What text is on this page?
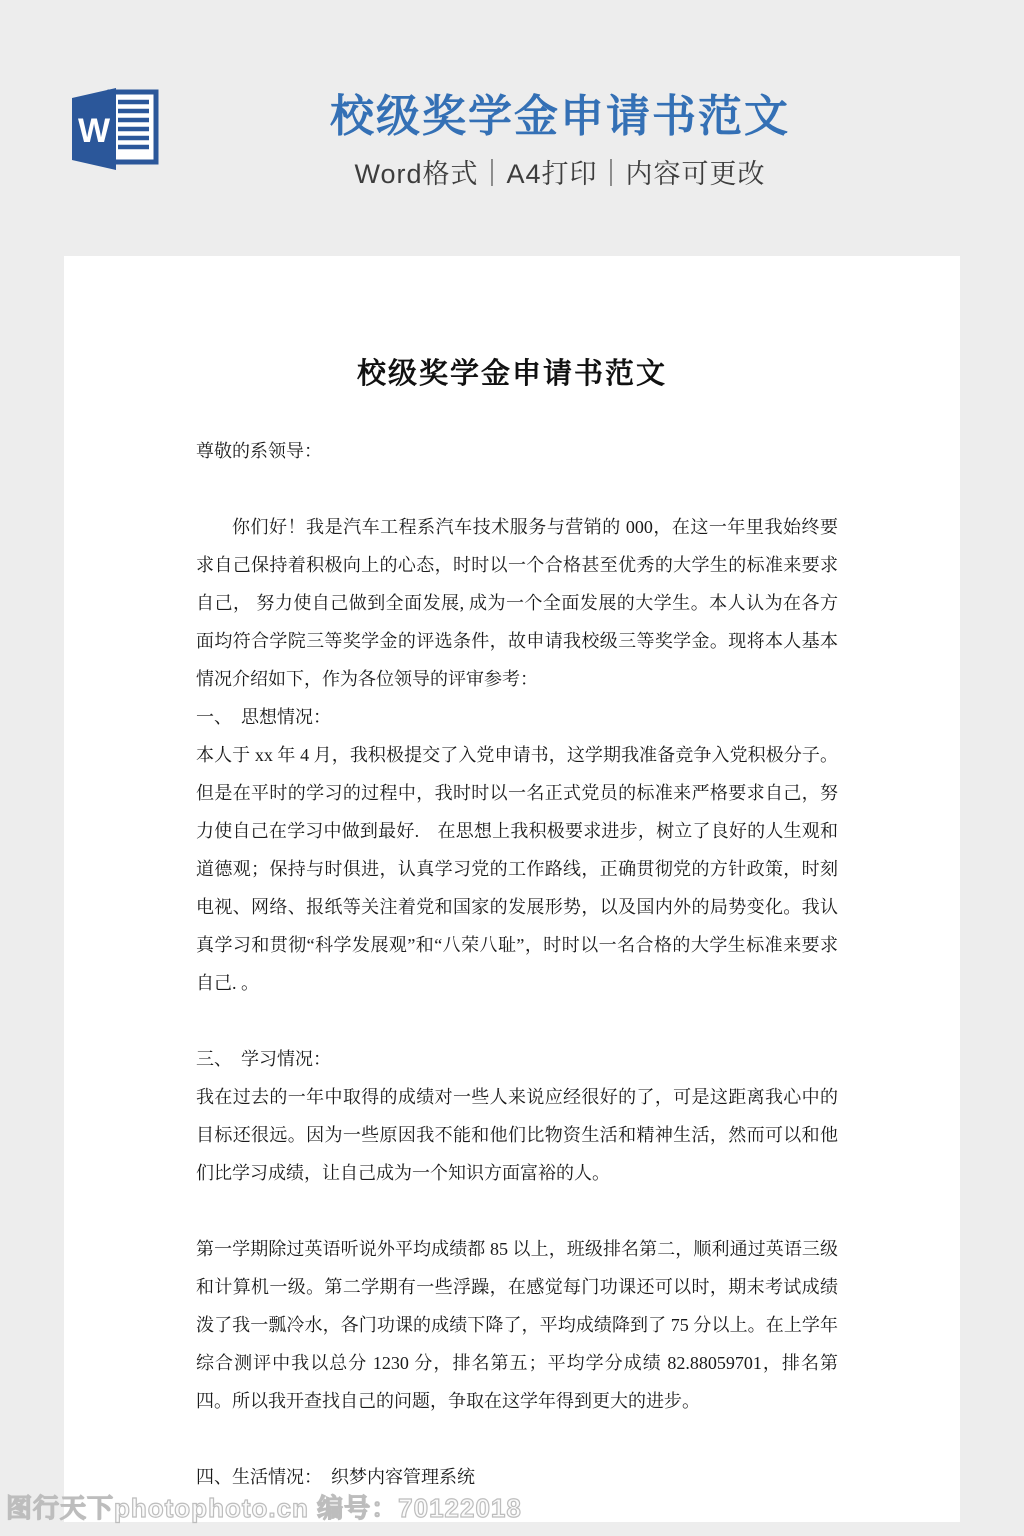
W	校级奖学金申请书范文
Word格式｜A4打印｜内容可更改
校级奖学金申请书范文

尊敬的系领导：

你们好！我是汽车工程系汽车技术服务与营销的 000，在这一年里我始终要求自己保持着积极向上的心态，时时以一个合格甚至优秀的大学生的标准来要求自己， 努力使自己做到全面发展, 成为一个全面发展的大学生。本人认为在各方面均符合学院三等奖学金的评选条件，故申请我校级三等奖学金。现将本人基本情况介绍如下，作为各位领导的评审参考：

一、　思想情况：

本人于 xx 年 4 月，我积极提交了入党申请书，这学期我准备竞争入党积极分子。但是在平时的学习的过程中，我时时以一名正式党员的标准来严格要求自己，努力使自己在学习中做到最好.　在思想上我积极要求进步，树立了良好的人生观和道德观；保持与时俱进，认真学习党的工作路线，正确贯彻党的方针政策，时刻电视、网络、报纸等关注着党和国家的发展形势，以及国内外的局势变化。我认真学习和贯彻“科学发展观”和“八荣八耻”，时时以一名合格的大学生标准来要求自己. 。

三、　学习情况：

我在过去的一年中取得的成绩对一些人来说应经很好的了，可是这距离我心中的目标还很远。因为一些原因我不能和他们比物资生活和精神生活，然而可以和他们比学习成绩，让自己成为一个知识方面富裕的人。

第一学期除过英语听说外平均成绩都 85 以上，班级排名第二，顺利通过英语三级和计算机一级。第二学期有一些浮躁，在感觉每门功课还可以时，期末考试成绩泼了我一瓢冷水，各门功课的成绩下降了，平均成绩降到了 75 分以上。在上学年综合测评中我以总分 1230 分，排名第五；平均学分成绩 82.88059701，排名第四。所以我开查找自己的问题，争取在这学年得到更大的进步。

四、生活情况：　织梦内容管理系统

图行天下photophoto.cn 编号：70122018
